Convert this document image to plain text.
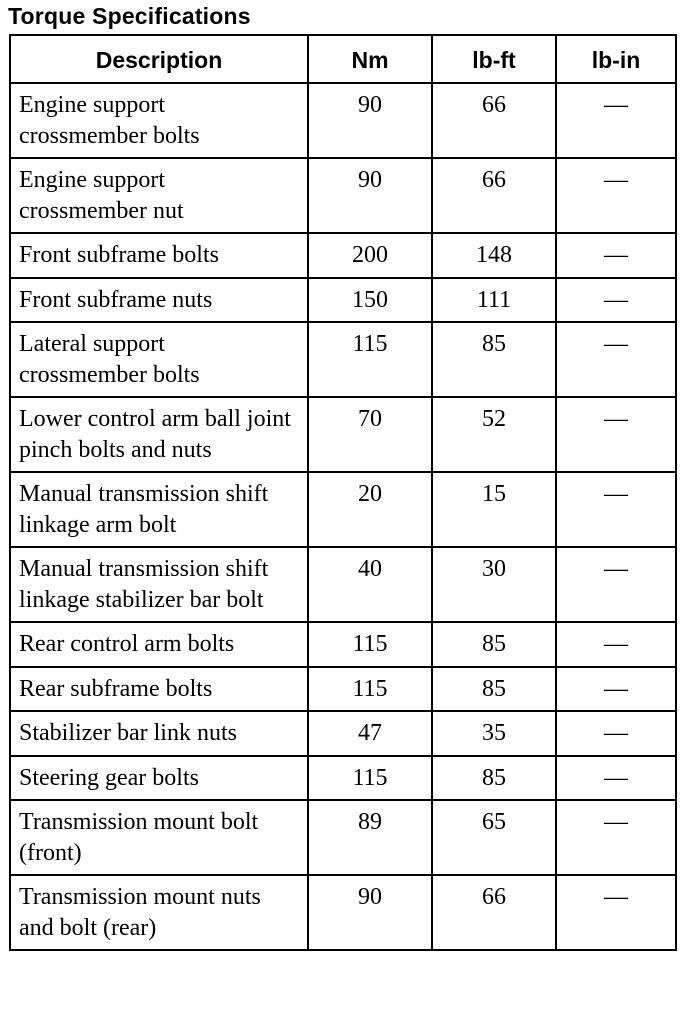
Torque Specifications
Description	Nm	lb-ft	lb-in
Engine support crossmember bolts	90	66	—
Engine support crossmember nut	90	66	—
Front subframe bolts	200	148	—
Front subframe nuts	150	111	—
Lateral support crossmember bolts	115	85	—
Lower control arm ball joint pinch bolts and nuts	70	52	—
Manual transmission shift linkage arm bolt	20	15	—
Manual transmission shift linkage stabilizer bar bolt	40	30	—
Rear control arm bolts	115	85	—
Rear subframe bolts	115	85	—
Stabilizer bar link nuts	47	35	—
Steering gear bolts	115	85	—
Transmission mount bolt (front)	89	65	—
Transmission mount nuts and bolt (rear)	90	66	—
